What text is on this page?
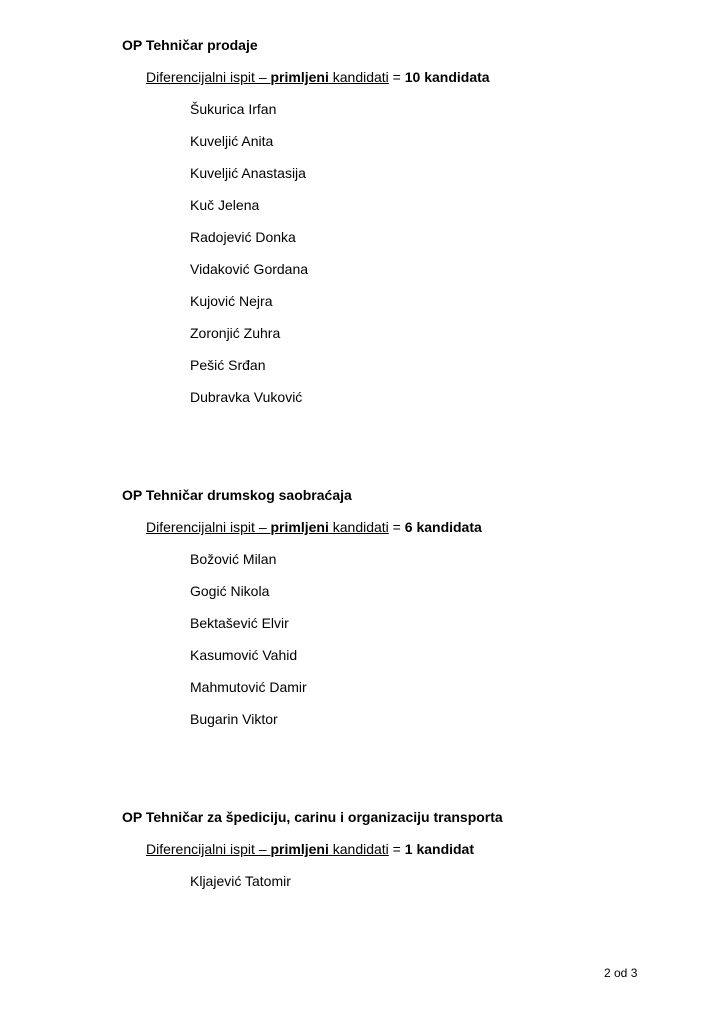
OP Tehničar prodaje
Diferencijalni ispit – primljeni kandidati = 10 kandidata
Šukurica Irfan
Kuveljić Anita
Kuveljić Anastasija
Kuč Jelena
Radojević Donka
Vidaković Gordana
Kujović Nejra
Zoronjić Zuhra
Pešić Srđan
Dubravka Vuković
OP Tehničar drumskog saobraćaja
Diferencijalni ispit – primljeni kandidati = 6 kandidata
Božović Milan
Gogić Nikola
Bektašević Elvir
Kasumović Vahid
Mahmutović Damir
Bugarin Viktor
OP Tehničar za špediciju, carinu i organizaciju transporta
Diferencijalni ispit – primljeni kandidati = 1 kandidat
Kljajević Tatomir
2 od 3
